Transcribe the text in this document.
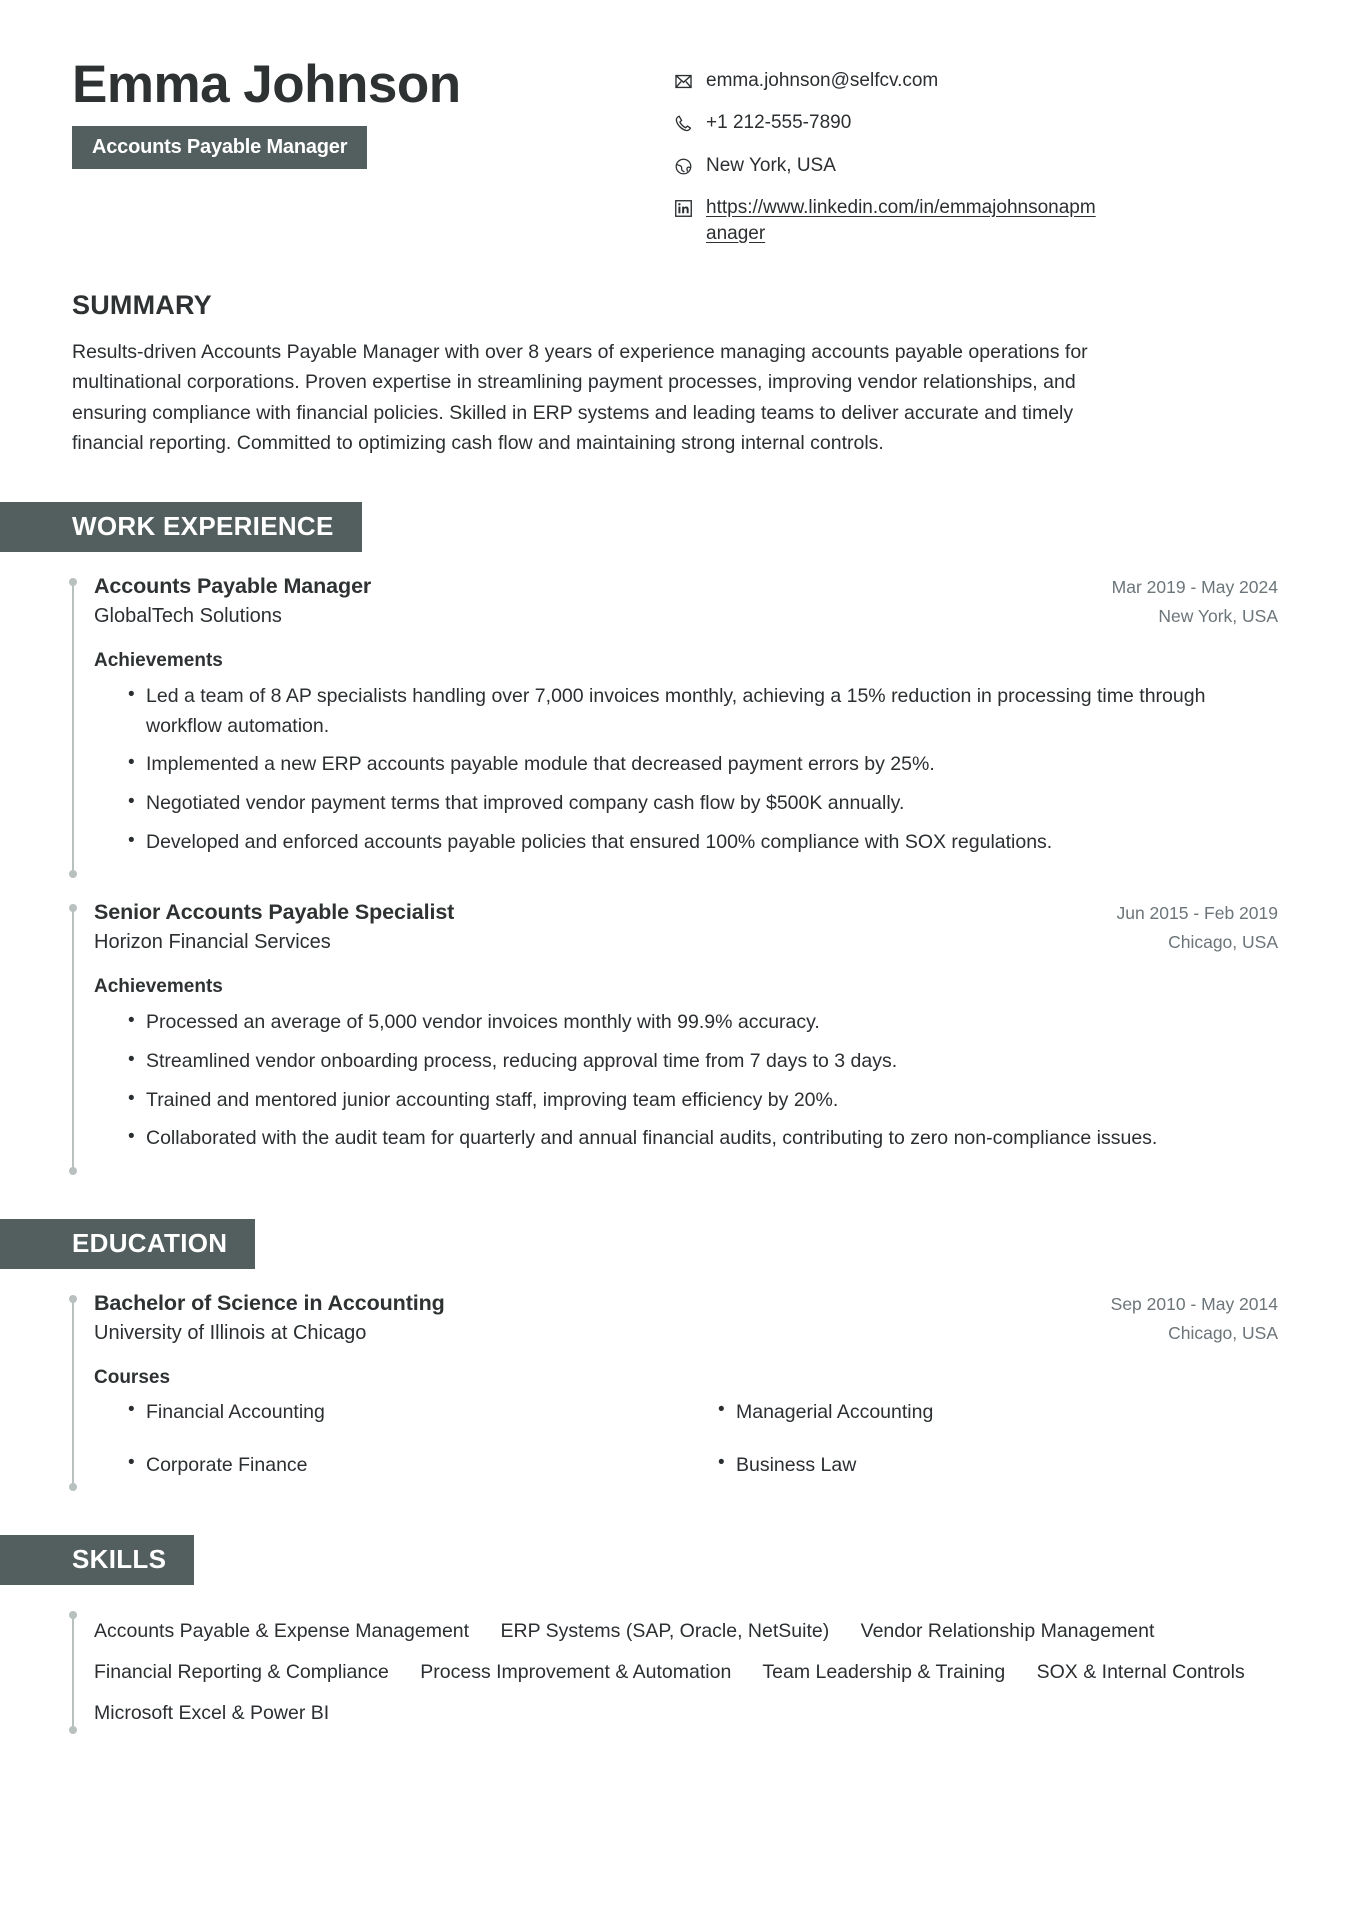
Emma Johnson
Accounts Payable Manager
emma.johnson@selfcv.com
+1 212-555-7890
New York, USA
https://www.linkedin.com/in/emmajohnsonapmanager
SUMMARY
Results-driven Accounts Payable Manager with over 8 years of experience managing accounts payable operations for multinational corporations. Proven expertise in streamlining payment processes, improving vendor relationships, and ensuring compliance with financial policies. Skilled in ERP systems and leading teams to deliver accurate and timely financial reporting. Committed to optimizing cash flow and maintaining strong internal controls.
WORK EXPERIENCE
Accounts Payable Manager
GlobalTech Solutions
Mar 2019 - May 2024
New York, USA
Achievements
• Led a team of 8 AP specialists handling over 7,000 invoices monthly, achieving a 15% reduction in processing time through workflow automation.
• Implemented a new ERP accounts payable module that decreased payment errors by 25%.
• Negotiated vendor payment terms that improved company cash flow by $500K annually.
• Developed and enforced accounts payable policies that ensured 100% compliance with SOX regulations.
Senior Accounts Payable Specialist
Horizon Financial Services
Jun 2015 - Feb 2019
Chicago, USA
Achievements
• Processed an average of 5,000 vendor invoices monthly with 99.9% accuracy.
• Streamlined vendor onboarding process, reducing approval time from 7 days to 3 days.
• Trained and mentored junior accounting staff, improving team efficiency by 20%.
• Collaborated with the audit team for quarterly and annual financial audits, contributing to zero non-compliance issues.
EDUCATION
Bachelor of Science in Accounting
University of Illinois at Chicago
Sep 2010 - May 2014
Chicago, USA
Courses
• Financial Accounting	• Managerial Accounting
• Corporate Finance	• Business Law
SKILLS
Accounts Payable & Expense Management ERP Systems (SAP, Oracle, NetSuite) Vendor Relationship Management Financial Reporting & Compliance Process Improvement & Automation Team Leadership & Training SOX & Internal Controls Microsoft Excel & Power BI
